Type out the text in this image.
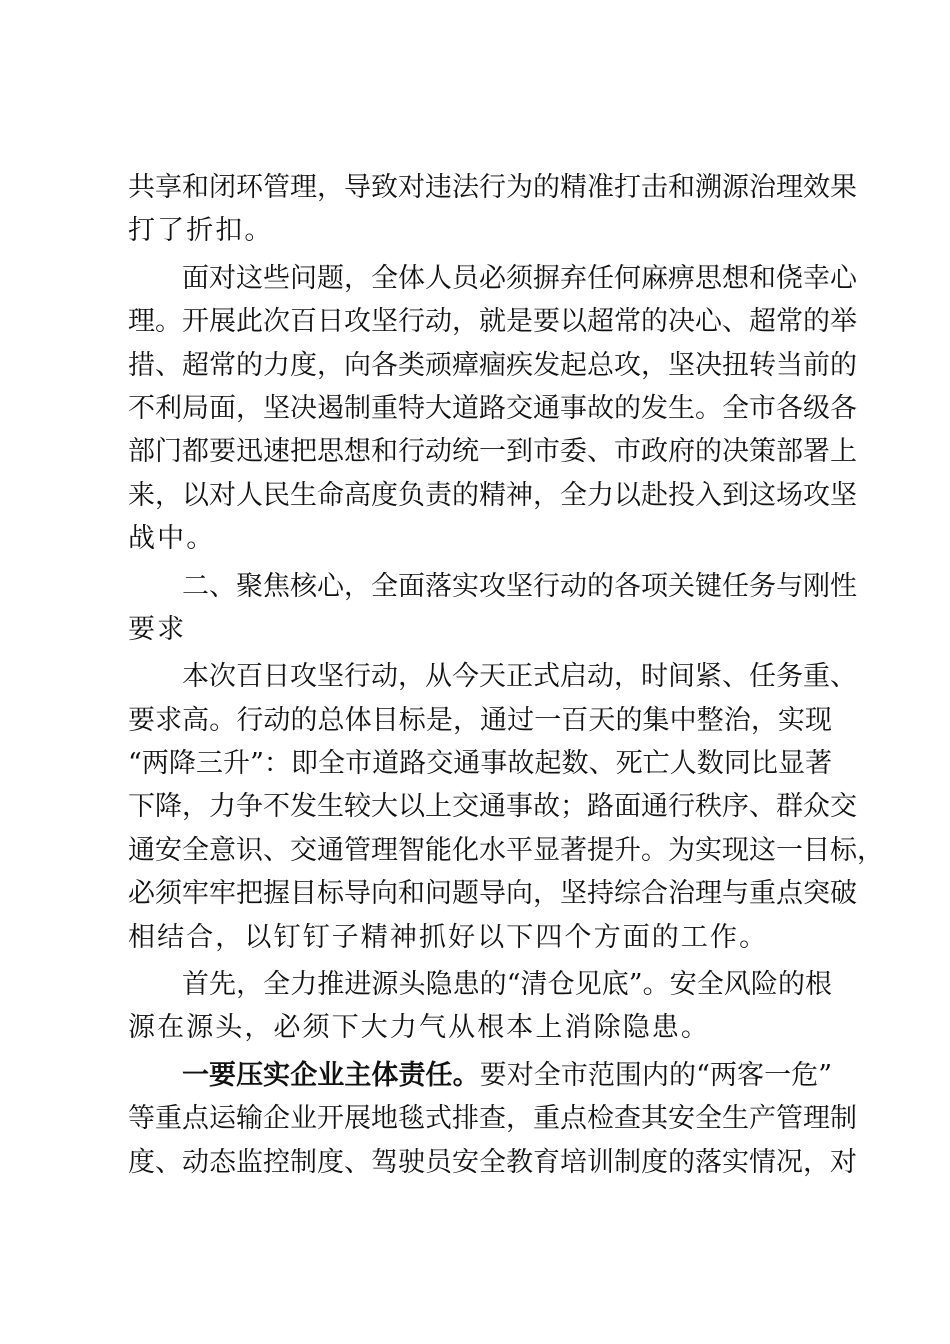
共享和闭环管理，导致对违法行为的精准打击和溯源治理效果
打了折扣。
面对这些问题，全体人员必须摒弃任何麻痹思想和侥幸心
理。开展此次百日攻坚行动，就是要以超常的决心、超常的举
措、超常的力度，向各类顽瘴痼疾发起总攻，坚决扭转当前的
不利局面，坚决遏制重特大道路交通事故的发生。全市各级各
部门都要迅速把思想和行动统一到市委、市政府的决策部署上
来，以对人民生命高度负责的精神，全力以赴投入到这场攻坚
战中。
二、聚焦核心，全面落实攻坚行动的各项关键任务与刚性
要求
本次百日攻坚行动，从今天正式启动，时间紧、任务重、
要求高。行动的总体目标是，通过一百天的集中整治，实现
“两降三升”：即全市道路交通事故起数、死亡人数同比显著
下降，力争不发生较大以上交通事故；路面通行秩序、群众交
通安全意识、交通管理智能化水平显著提升。为实现这一目标，
必须牢牢把握目标导向和问题导向，坚持综合治理与重点突破
相结合，以钉钉子精神抓好以下四个方面的工作。
首先，全力推进源头隐患的“清仓见底”。安全风险的根
源在源头，必须下大力气从根本上消除隐患。
一要压实企业主体责任。要对全市范围内的“两客一危”
等重点运输企业开展地毯式排查，重点检查其安全生产管理制
度、动态监控制度、驾驶员安全教育培训制度的落实情况，对
